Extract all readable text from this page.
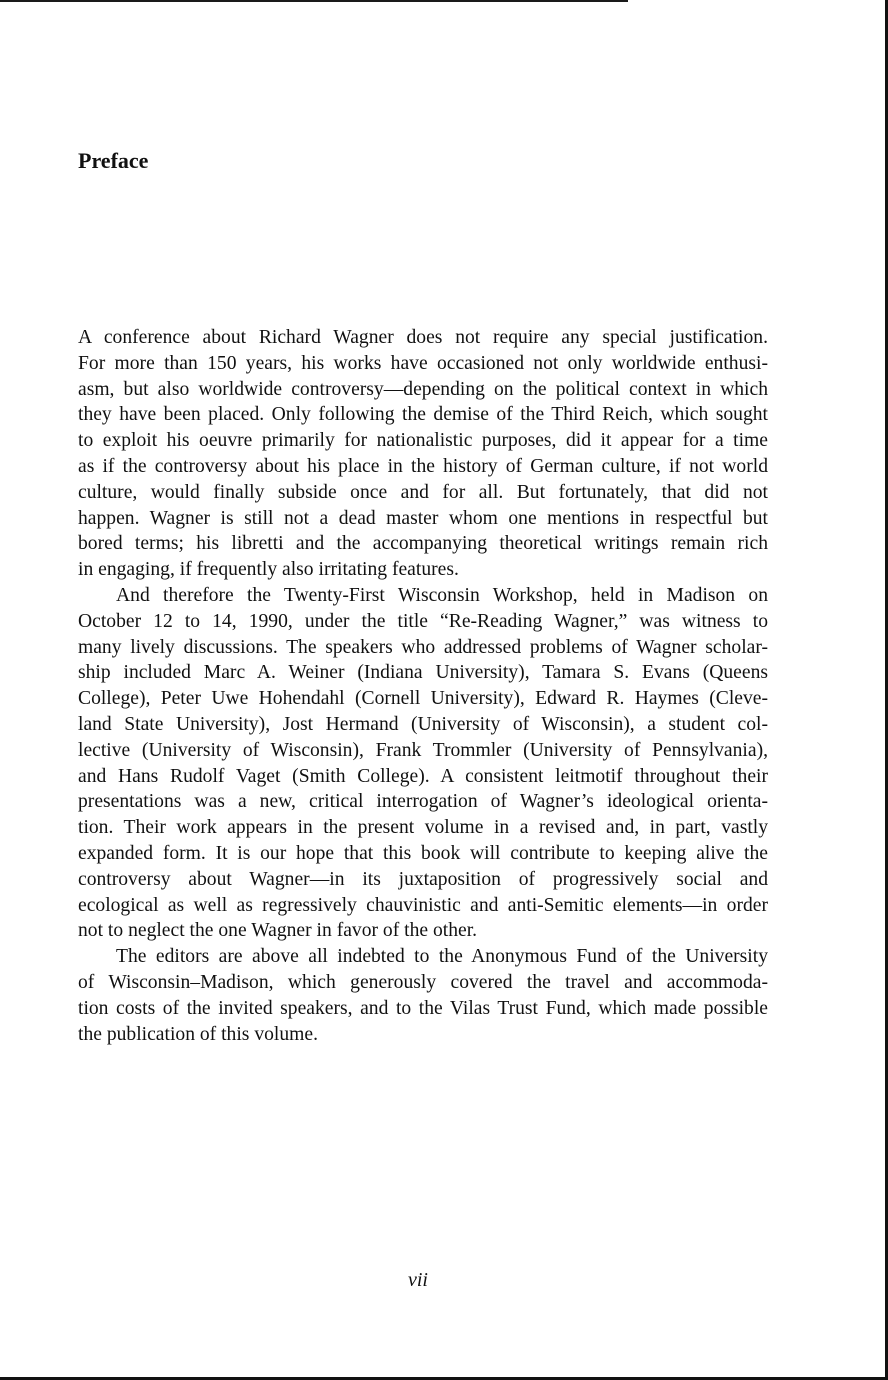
Preface

A conference about Richard Wagner does not require any special justification.
For more than 150 years, his works have occasioned not only worldwide enthusi-
asm, but also worldwide controversy—depending on the political context in which
they have been placed. Only following the demise of the Third Reich, which sought
to exploit his oeuvre primarily for nationalistic purposes, did it appear for a time
as if the controversy about his place in the history of German culture, if not world
culture, would finally subside once and for all. But fortunately, that did not
happen. Wagner is still not a dead master whom one mentions in respectful but
bored terms; his libretti and the accompanying theoretical writings remain rich
in engaging, if frequently also irritating features.

And therefore the Twenty-First Wisconsin Workshop, held in Madison on
October 12 to 14, 1990, under the title “Re-Reading Wagner,” was witness to
many lively discussions. The speakers who addressed problems of Wagner scholar-
ship included Marc A. Weiner (Indiana University), Tamara S. Evans (Queens
College), Peter Uwe Hohendahl (Cornell University), Edward R. Haymes (Cleve-
land State University), Jost Hermand (University of Wisconsin), a student col-
lective (University of Wisconsin), Frank Trommler (University of Pennsylvania),
and Hans Rudolf Vaget (Smith College). A consistent leitmotif throughout their
presentations was a new, critical interrogation of Wagner’s ideological orienta-
tion. Their work appears in the present volume in a revised and, in part, vastly
expanded form. It is our hope that this book will contribute to keeping alive the
controversy about Wagner—in its juxtaposition of progressively social and
ecological as well as regressively chauvinistic and anti-Semitic elements—in order
not to neglect the one Wagner in favor of the other.

The editors are above all indebted to the Anonymous Fund of the University
of Wisconsin–Madison, which generously covered the travel and accommoda-
tion costs of the invited speakers, and to the Vilas Trust Fund, which made possible
the publication of this volume.

vii
